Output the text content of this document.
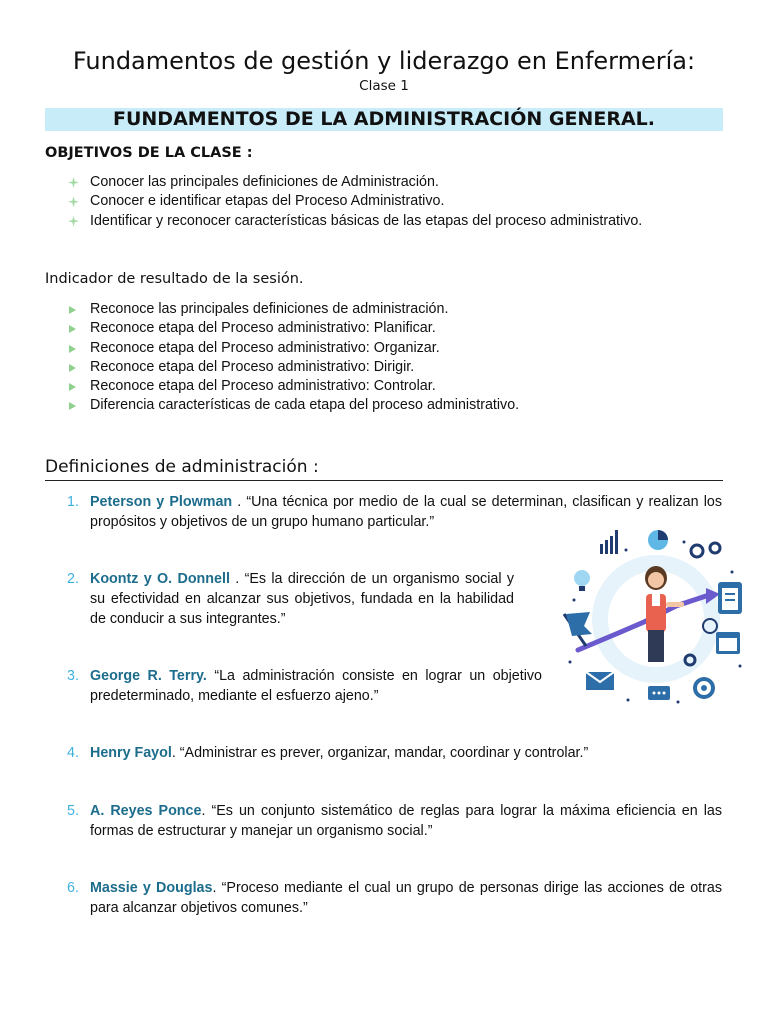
Fundamentos de gestión y liderazgo en Enfermería:
Clase 1
FUNDAMENTOS DE LA ADMINISTRACIÓN GENERAL.
OBJETIVOS DE LA CLASE :
Conocer las principales definiciones de Administración.
Conocer e identificar etapas del Proceso Administrativo.
Identificar y reconocer características básicas de las etapas del proceso administrativo.
Indicador de resultado de la sesión.
Reconoce las principales definiciones de administración.
Reconoce etapa del Proceso administrativo: Planificar.
Reconoce etapa del Proceso administrativo: Organizar.
Reconoce etapa del Proceso administrativo: Dirigir.
Reconoce etapa del Proceso administrativo: Controlar.
Diferencia características de cada etapa del proceso administrativo.
Definiciones de administración :
1. Peterson y Plowman . “Una técnica por medio de la cual se determinan, clasifican y realizan los propósitos y objetivos de un grupo humano particular.”
2. Koontz y O. Donnell . “Es la dirección de un organismo social y su efectividad en alcanzar sus objetivos, fundada en la habilidad de conducir a sus integrantes.”
3. George R. Terry. “La administración consiste en lograr un objetivo predeterminado, mediante el esfuerzo ajeno.”
4. Henry Fayol. “Administrar es prever, organizar, mandar, coordinar y controlar.”
5. A. Reyes Ponce. “Es un conjunto sistemático de reglas para lograr la máxima eficiencia en las formas de estructurar y manejar un organismo social.”
6. Massie y Douglas. “Proceso mediante el cual un grupo de personas dirige las acciones de otras para alcanzar objetivos comunes.”
